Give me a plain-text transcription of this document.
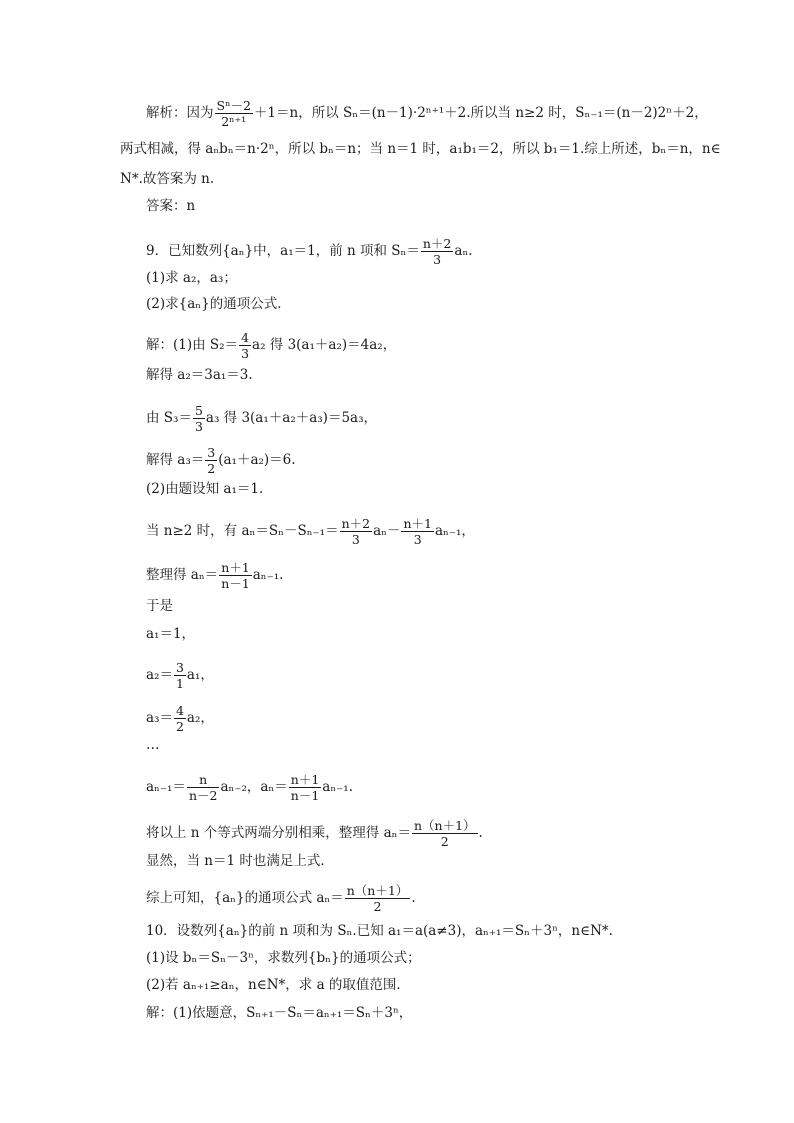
解析：因为 $\frac{\text{Sⁿ－2}}{\text{2ⁿ⁺¹}} +1=n$，所以 Sₙ＝(n－1)·2ⁿ⁺¹＋2.所以当 n≥2 时，Sₙ₋₁＝(n－2)2ⁿ＋2，
两式相减，得 aₙbₙ＝n·2ⁿ，所以 bₙ＝n；当 n＝1 时，a₁b₁＝2，所以 b₁＝1.综上所述，bₙ＝n，n∈
N*.故答案为 n.
答案：n
9．已知数列{aₙ}中，a₁＝1，前 n 项和 $S_n= \frac{n+2}{3} a_n$.
(1)求 a₂，a₃；
(2)求{aₙ}的通项公式．
解：(1)由 $S_2= \frac{4}{3} a_2$ 得 3(a₁＋a₂)＝4a₂，
解得 a₂＝3a₁＝3.
由 $S_3= \frac{5}{3} a_3$ 得 3(a₁＋a₂＋a₃)＝5a₃，
解得 $a_3= \frac{3}{2} (a_1+a_2)=6$.
(2)由题设知 a₁＝1.
当 n≥2 时，有 $a_n=S_n-S_{n-1}= \frac{n+2}{3} a_n- \frac{n+1}{3} a_{n-1}$，
整理得 $a_n= \frac{n+1}{n-1} a_{n-1}$.
于是
a₁＝1，
$a_2= \frac{3}{1} a_1$，
$a_3= \frac{4}{2} a_2$，
…
$a_{n-1}= \frac{n}{n-2} a_{n-2}$，$a_n= \frac{n+1}{n-1} a_{n-1}$.
将以上 n 个等式两端分别相乘，整理得 $a_n= \frac{n(n+1)}{2}$ .
显然，当 n＝1 时也满足上式．
综上可知，{aₙ}的通项公式 $a_n= \frac{n(n+1)}{2}$ .
10．设数列{aₙ}的前 n 项和为 Sₙ.已知 a₁＝a(a≠3)，aₙ₊₁＝Sₙ＋3ⁿ，n∈N*.
(1)设 bₙ＝Sₙ－3ⁿ，求数列{bₙ}的通项公式；
(2)若 aₙ₊₁≥aₙ，n∈N*，求 a 的取值范围．
解：(1)依题意，Sₙ₊₁－Sₙ＝aₙ₊₁＝Sₙ＋3ⁿ，
